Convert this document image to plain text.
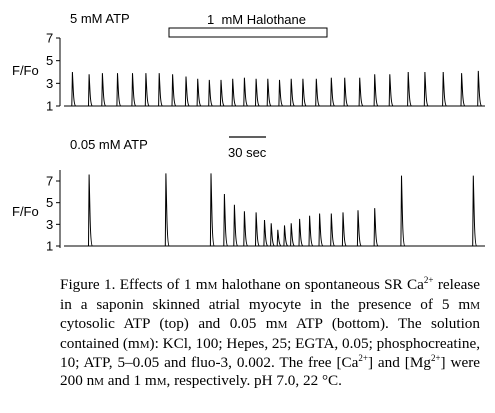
5 mM ATP	1  mM Halothane
F/Fo
7
5
3
1
0.05 mM ATP
30 sec
F/Fo
7
5
3
1
Figure 1. Effects of 1 mM halothane on spontaneous SR $Ca^{2+}$ release in a saponin skinned atrial myocyte in the presence of 5 mM cytosolic ATP (top) and 0.05 mM ATP (bottom). The solution contained (mM): KCl, 100; Hepes, 25; EGTA, 0.05; phosphocreatine, 10; ATP, 5–0.05 and fluo-3, 0.002. The free $[Ca^{2+}]$ and $[Mg^{2+}]$ were 200 nM and 1 mM, respectively. pH 7.0, 22 °C.
